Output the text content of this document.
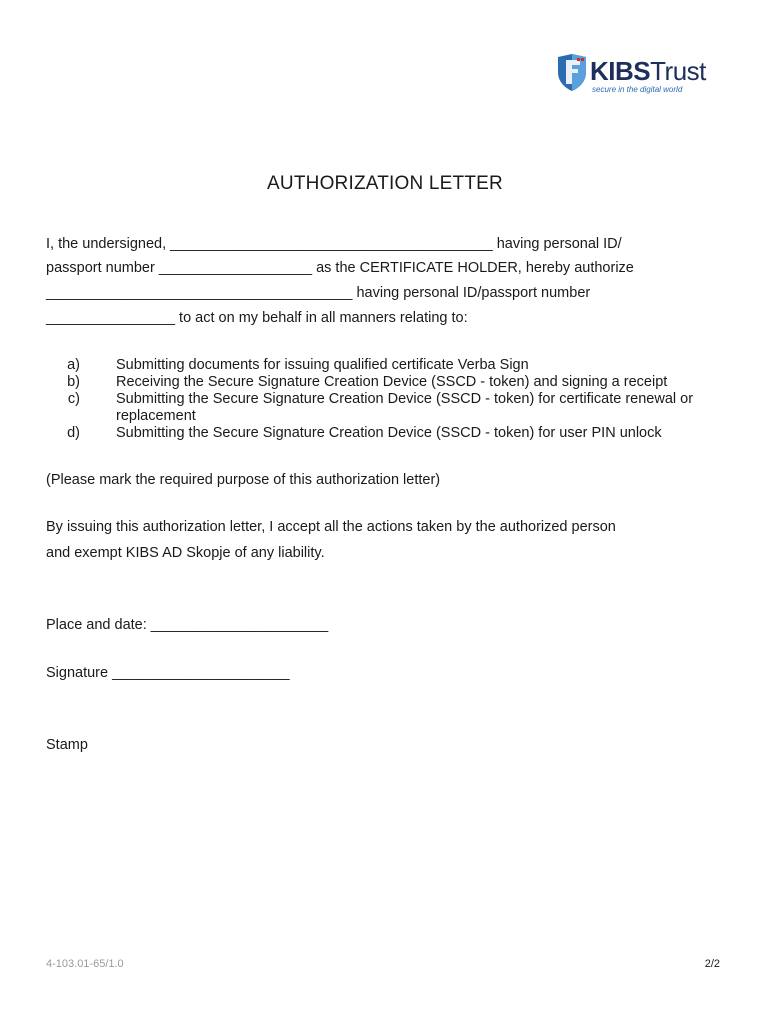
KIBSTrust
secure in the digital world
AUTHORIZATION LETTER
I, the undersigned, ________________________________________ having personal ID/
passport number ___________________ as the CERTIFICATE HOLDER, hereby authorize
______________________________________ having personal ID/passport number
________________ to act on my behalf in all manners relating to:
a)	Submitting documents for issuing qualified certificate Verba Sign
b)	Receiving the Secure Signature Creation Device (SSCD - token) and signing a receipt
c)	Submitting the Secure Signature Creation Device (SSCD - token) for certificate renewal or replacement
d)	Submitting the Secure Signature Creation Device (SSCD - token) for user PIN unlock
(Please mark the required purpose of this authorization letter)
By issuing this authorization letter, I accept all the actions taken by the authorized person
and exempt KIBS AD Skopje of any liability.
Place and date: ______________________
Signature ______________________
Stamp
4-103.01-65/1.0	2/2
